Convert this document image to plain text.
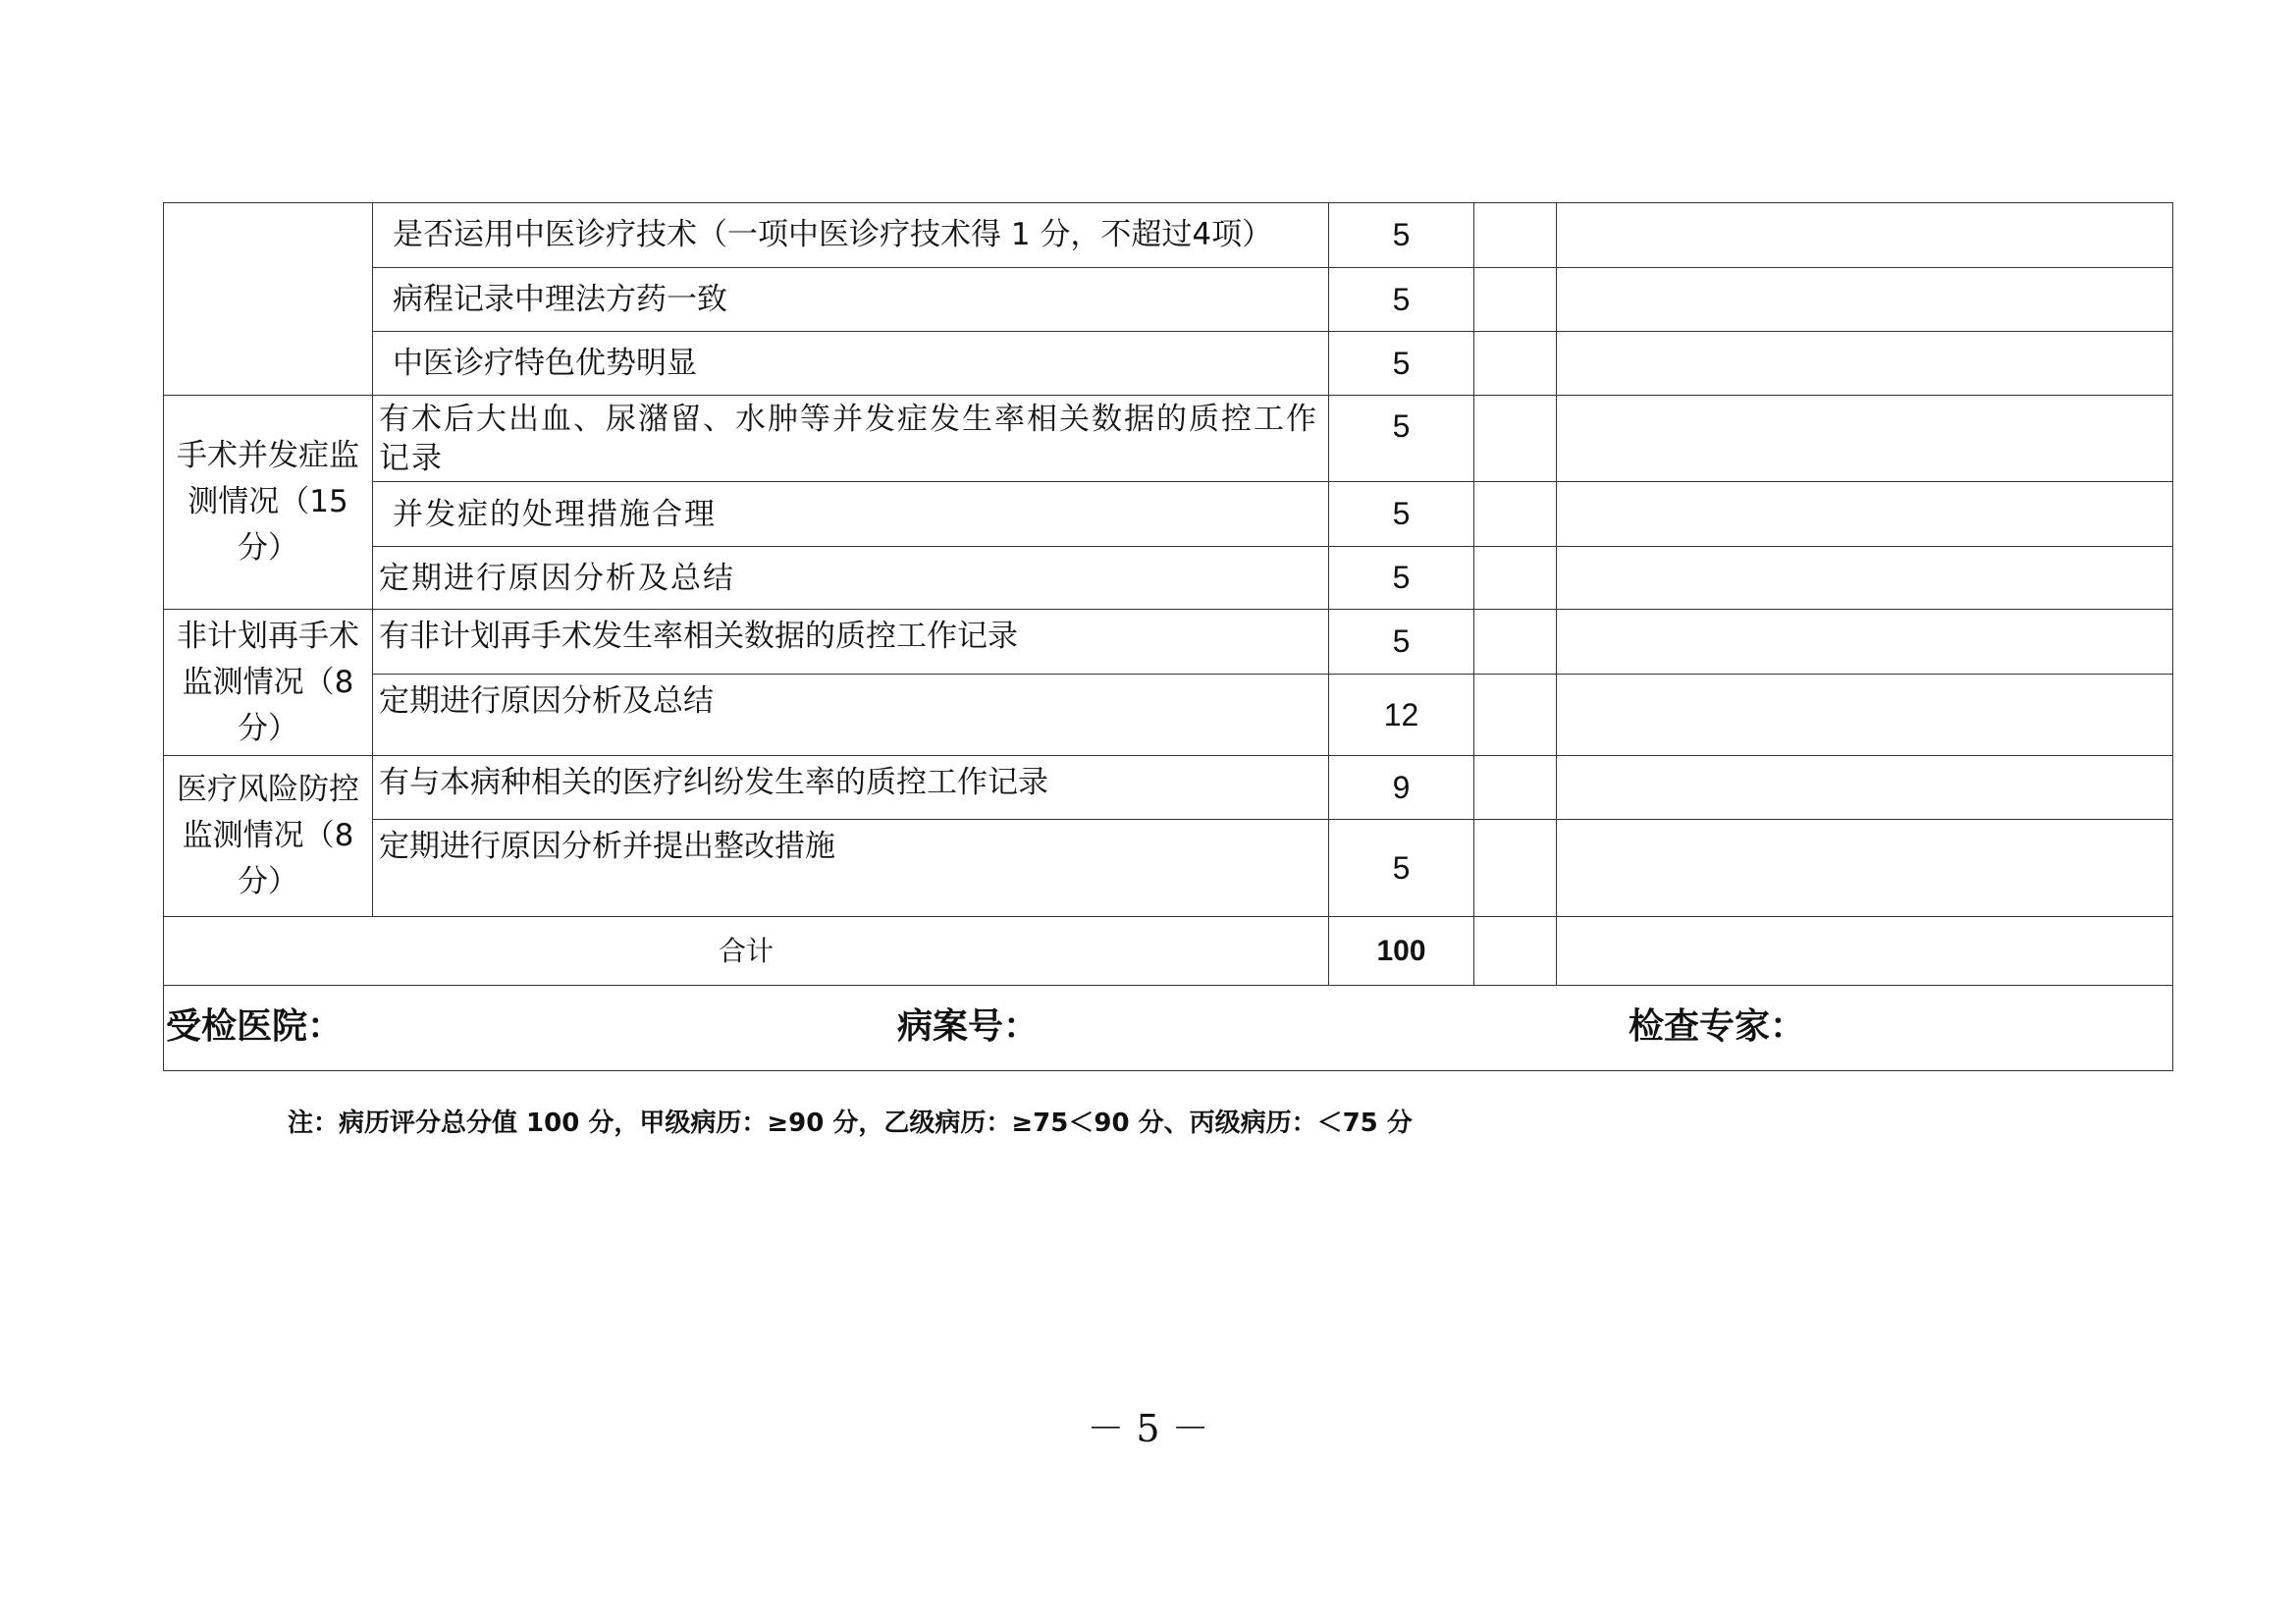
	是否运用中医诊疗技术（一项中医诊疗技术得 1 分，不超过4项）	5		
	病程记录中理法方药一致	5		
	中医诊疗特色优势明显	5		
手术并发症监测情况（15分）	有术后大出血、尿潴留、水肿等并发症发生率相关数据的质控工作记录	5		
	并发症的处理措施合理	5		
	定期进行原因分析及总结	5		
非计划再手术监测情况（8分）	有非计划再手术发生率相关数据的质控工作记录	5		
	定期进行原因分析及总结	12		
医疗风险防控监测情况（8分）	有与本病种相关的医疗纠纷发生率的质控工作记录	9		
	定期进行原因分析并提出整改措施	5		
合计		100		

受检医院： 病案号： 检查专家：				
注：病历评分总分值 100 分，甲级病历：≥90 分，乙级病历：≥75＜90 分、丙级病历：＜75 分
－ 5 －
